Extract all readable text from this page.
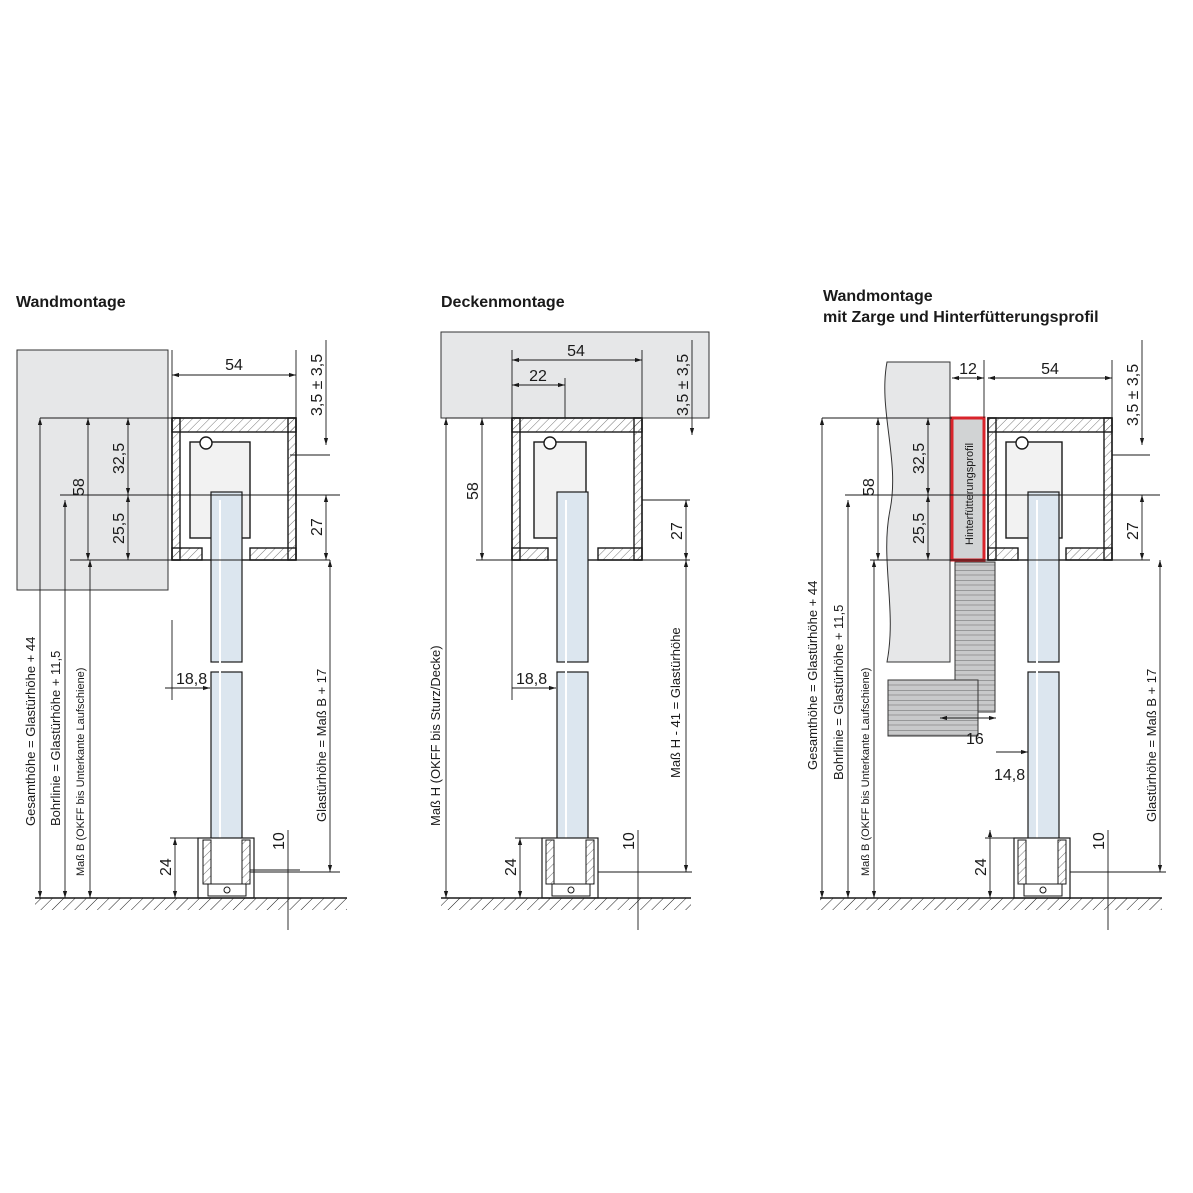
Wandmontage	Deckenmontage	Wandmontage
mit Zarge und Hinterfütterungsprofil
54	3,5 ± 3,5
58
32,5
25,5	27
18,8
24
10
Gesamthöhe = Glastürhöhe + 44 Bohrlinie = Glastürhöhe + 11,5 Maß B (OKFF bis Unterkante Laufschiene)	Glastürhöhe = Maß B + 17
54
22	3,5 ± 3,5
58
27
18,8
24
10
Maß H (OKFF bis Sturz/Decke)	Maß H - 41 = Glastürhöhe
Hinterfütterungsprofil
12	54	3,5 ± 3,5
58
32,5
25,5	27
16
14,8
24
10
Gesamthöhe = Glastürhöhe + 44 Bohrlinie = Glastürhöhe + 11,5 Maß B (OKFF bis Unterkante Laufschiene)	Glastürhöhe = Maß B + 17
